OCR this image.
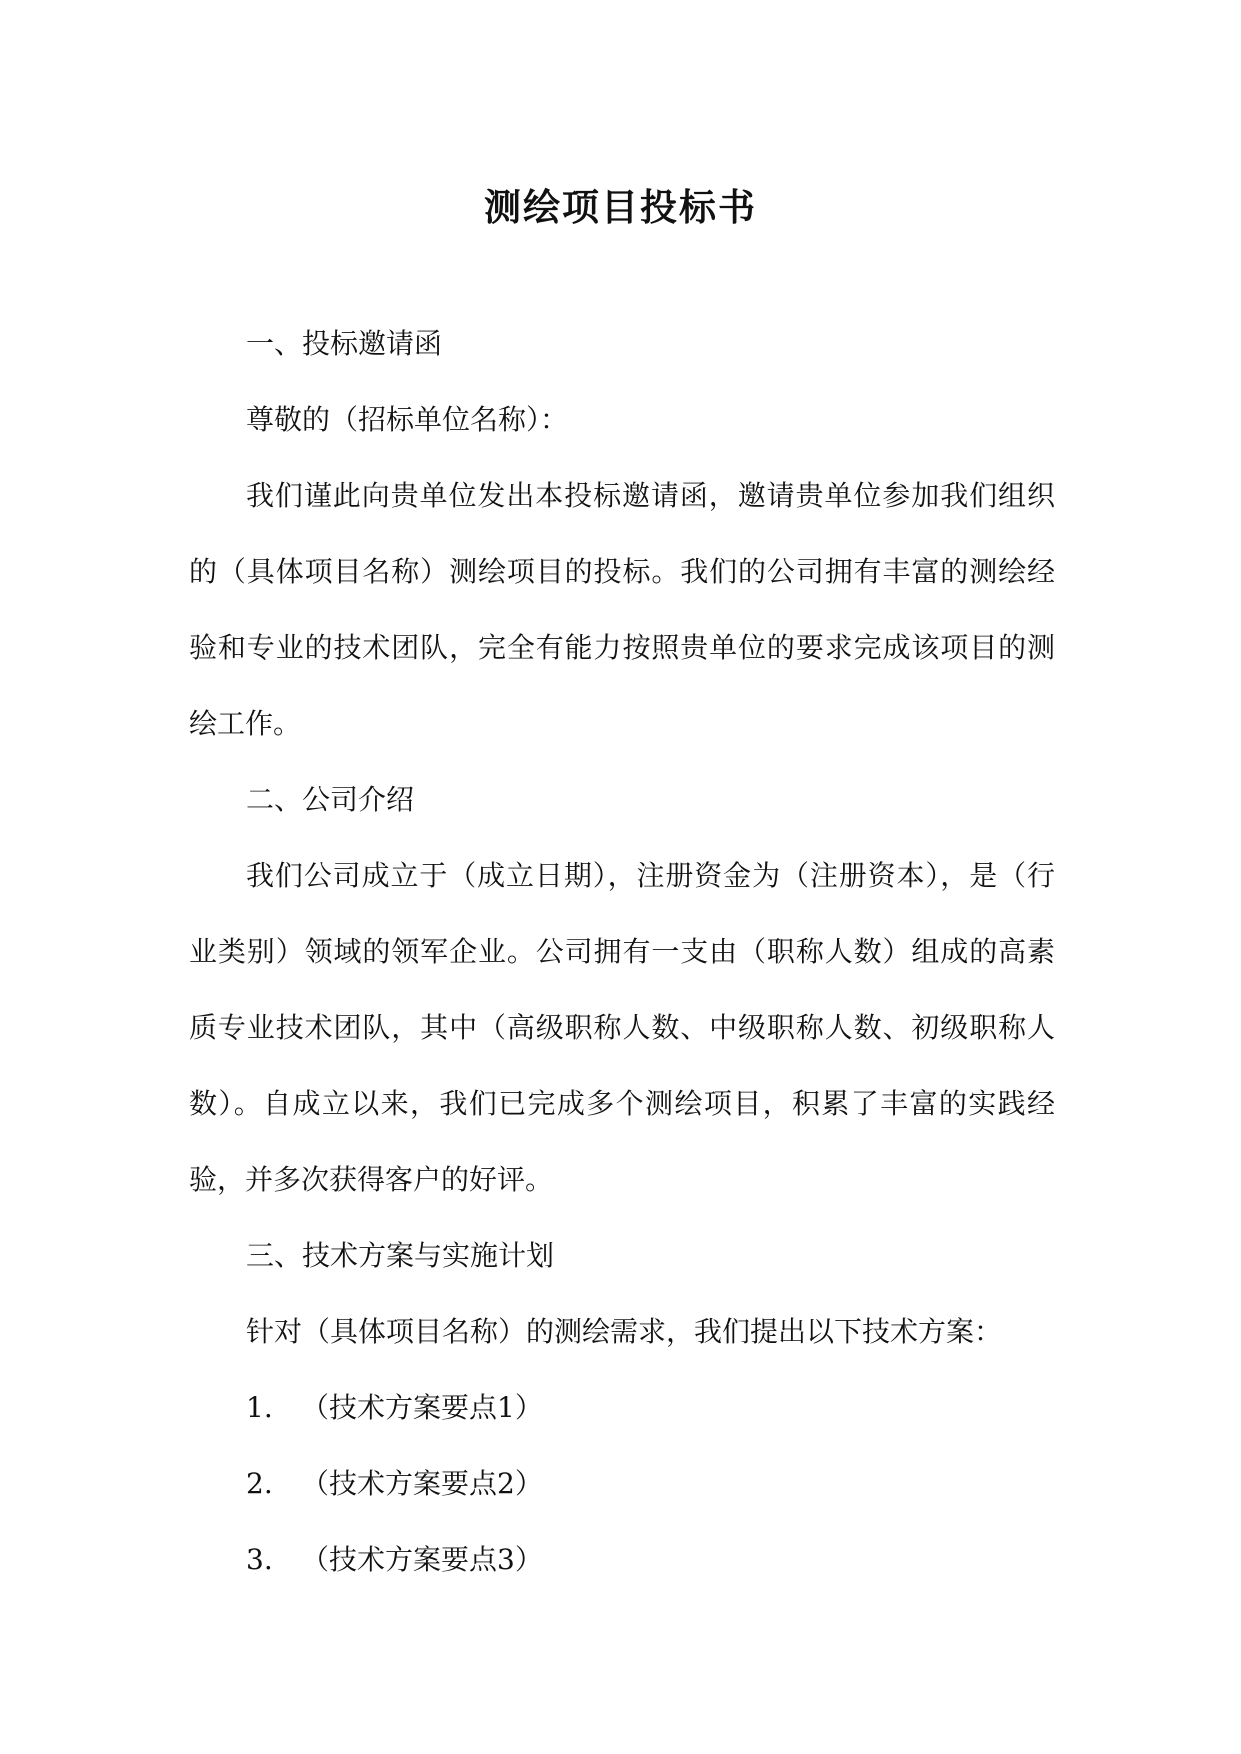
测绘项目投标书

一、投标邀请函

尊敬的（招标单位名称）：

我们谨此向贵单位发出本投标邀请函，邀请贵单位参加我们组织的（具体项目名称）测绘项目的投标。我们的公司拥有丰富的测绘经验和专业的技术团队，完全有能力按照贵单位的要求完成该项目的测绘工作。

二、公司介绍

我们公司成立于（成立日期），注册资金为（注册资本），是（行业类别）领域的领军企业。公司拥有一支由（职称人数）组成的高素质专业技术团队，其中（高级职称人数、中级职称人数、初级职称人数）。自成立以来，我们已完成多个测绘项目，积累了丰富的实践经验，并多次获得客户的好评。

三、技术方案与实施计划

针对（具体项目名称）的测绘需求，我们提出以下技术方案：

1. （技术方案要点1）

2. （技术方案要点2）

3. （技术方案要点3）
